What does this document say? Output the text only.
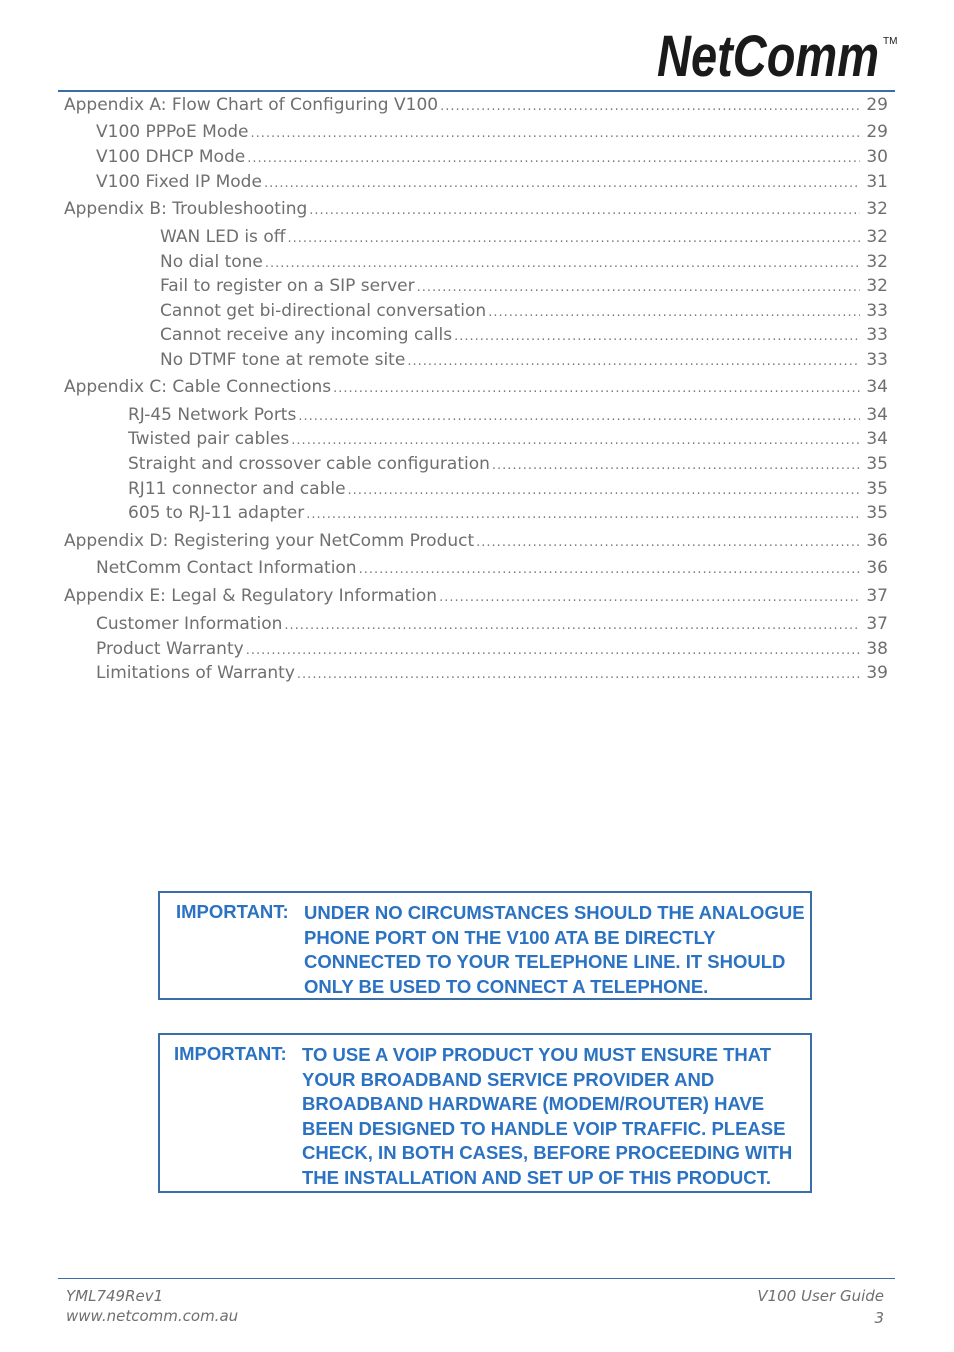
NetComm TM
Appendix A: Flow Chart of Configuring V100 .....	29
V100 PPPoE Mode .....	29
V100 DHCP Mode .....	30
V100 Fixed IP Mode .....	31
Appendix B: Troubleshooting .....	32
WAN LED is off .....	32
No dial tone .....	32
Fail to register on a SIP server .....	32
Cannot get bi-directional conversation .....	33
Cannot receive any incoming calls .....	33
No DTMF tone at remote site .....	33
Appendix C: Cable Connections .....	34
RJ-45 Network Ports .....	34
Twisted pair cables .....	34
Straight and crossover cable configuration .....	35
RJ11 connector and cable .....	35
605 to RJ-11 adapter .....	35
Appendix D: Registering your NetComm Product .....	36
NetComm Contact Information .....	36
Appendix E: Legal & Regulatory Information .....	37
Customer Information .....	37
Product Warranty .....	38
Limitations of Warranty .....	39
IMPORTANT: UNDER NO CIRCUMSTANCES SHOULD THE ANALOGUE
PHONE PORT ON THE V100 ATA BE DIRECTLY
CONNECTED TO YOUR TELEPHONE LINE. IT SHOULD
ONLY BE USED TO CONNECT A TELEPHONE.
IMPORTANT: TO USE A VOIP PRODUCT YOU MUST ENSURE THAT
YOUR BROADBAND SERVICE PROVIDER AND
BROADBAND HARDWARE (MODEM/ROUTER) HAVE
BEEN DESIGNED TO HANDLE VOIP TRAFFIC. PLEASE
CHECK, IN BOTH CASES, BEFORE PROCEEDING WITH
THE INSTALLATION AND SET UP OF THIS PRODUCT.
YML749Rev1
www.netcomm.com.au
V100 User Guide
3
